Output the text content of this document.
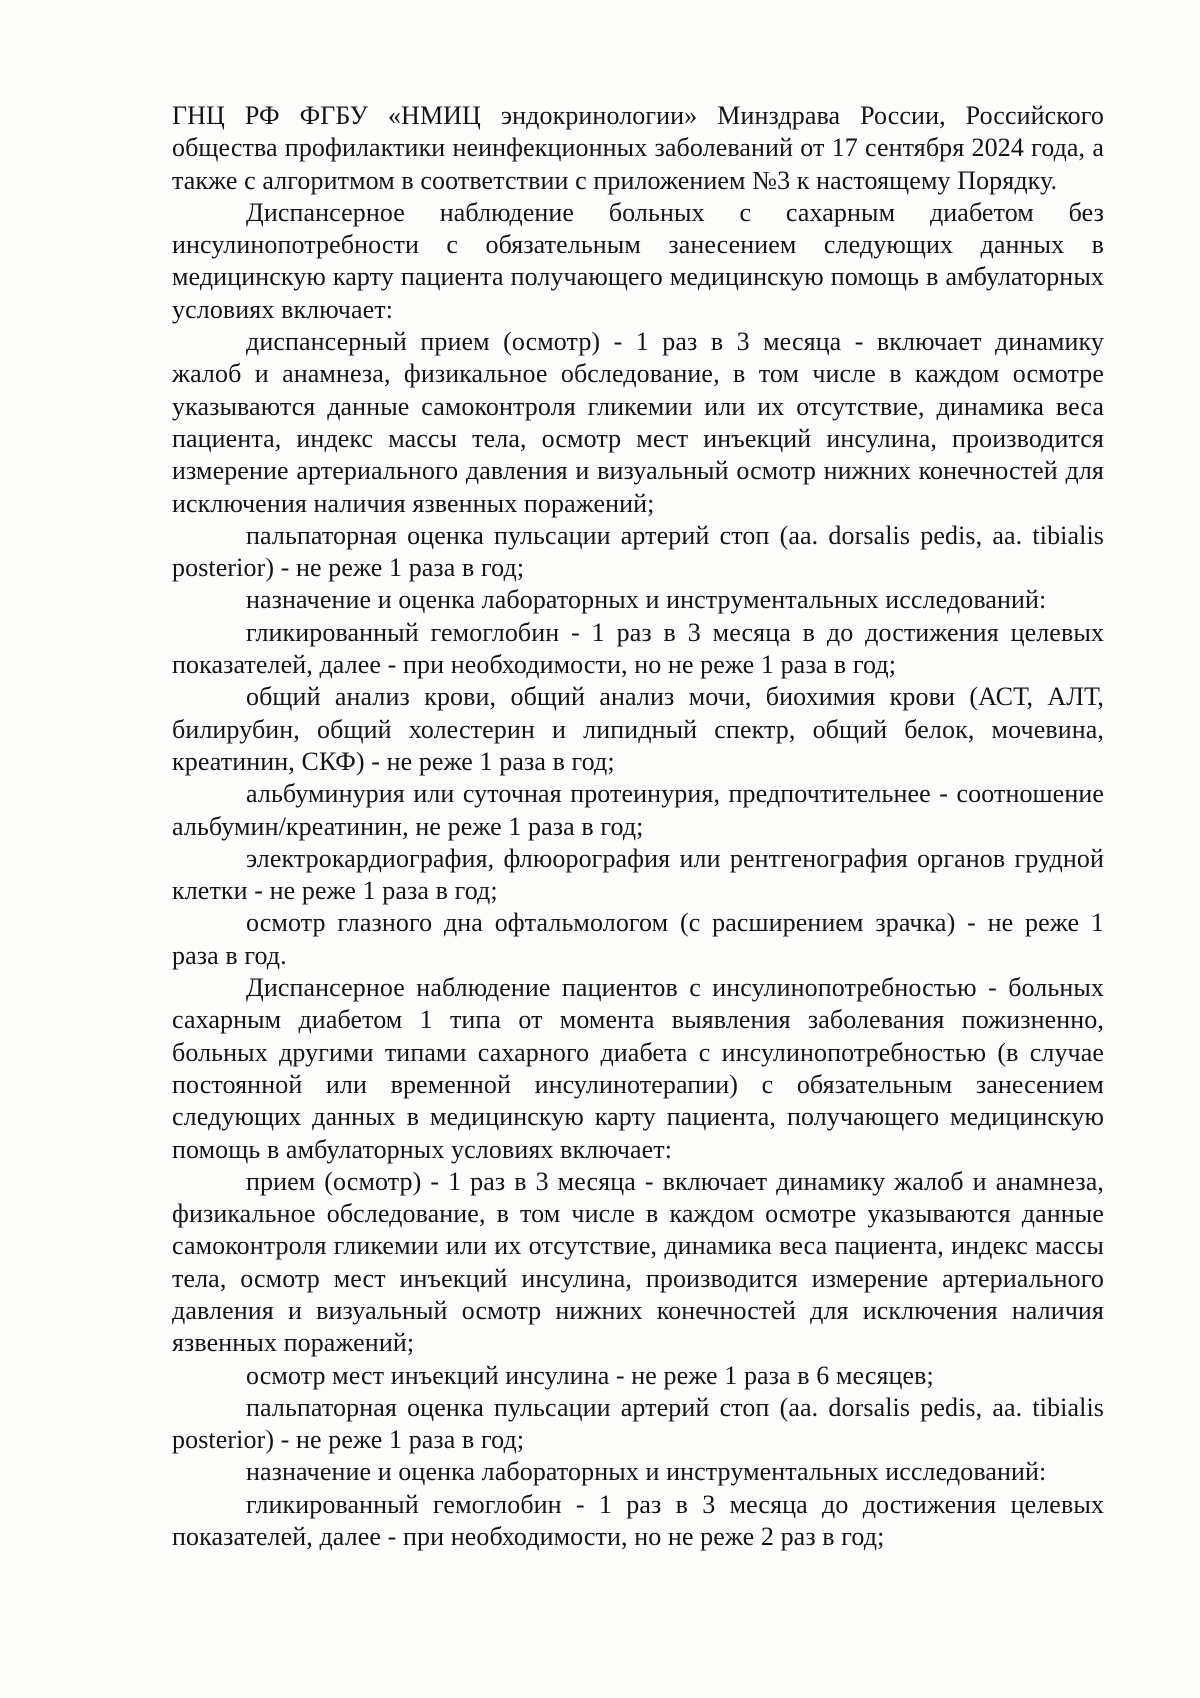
ГНЦ РФ ФГБУ «НМИЦ эндокринологии» Минздрава России, Российского общества профилактики неинфекционных заболеваний от 17 сентября 2024 года, а также с алгоритмом в соответствии с приложением №3 к настоящему Порядку.

Диспансерное наблюдение больных с сахарным диабетом без инсулинопотребности с обязательным занесением следующих данных в медицинскую карту пациента получающего медицинскую помощь в амбулаторных условиях включает:

диспансерный прием (осмотр) - 1 раз в 3 месяца - включает динамику жалоб и анамнеза, физикальное обследование, в том числе в каждом осмотре указываются данные самоконтроля гликемии или их отсутствие, динамика веса пациента, индекс массы тела, осмотр мест инъекций инсулина, производится измерение артериального давления и визуальный осмотр нижних конечностей для исключения наличия язвенных поражений;

пальпаторная оценка пульсации артерий стоп (аа. dorsalis pedis, аа. tibialis posterior) - не реже 1 раза в год;

назначение и оценка лабораторных и инструментальных исследований:

гликированный гемоглобин - 1 раз в 3 месяца в до достижения целевых показателей, далее - при необходимости, но не реже 1 раза в год;

общий анализ крови, общий анализ мочи, биохимия крови (АСТ, АЛТ, билирубин, общий холестерин и липидный спектр, общий белок, мочевина, креатинин, СКФ) - не реже 1 раза в год;

альбуминурия или суточная протеинурия, предпочтительнее - соотношение альбумин/креатинин, не реже 1 раза в год;

электрокардиография, флюорография или рентгенография органов грудной клетки - не реже 1 раза в год;

осмотр глазного дна офтальмологом (с расширением зрачка) - не реже 1 раза в год.

Диспансерное наблюдение пациентов с инсулинопотребностью - больных сахарным диабетом 1 типа от момента выявления заболевания пожизненно, больных другими типами сахарного диабета с инсулинопотребностью (в случае постоянной или временной инсулинотерапии) с обязательным занесением следующих данных в медицинскую карту пациента, получающего медицинскую помощь в амбулаторных условиях включает:

прием (осмотр) - 1 раз в 3 месяца - включает динамику жалоб и анамнеза, физикальное обследование, в том числе в каждом осмотре указываются данные самоконтроля гликемии или их отсутствие, динамика веса пациента, индекс массы тела, осмотр мест инъекций инсулина, производится измерение артериального давления и визуальный осмотр нижних конечностей для исключения наличия язвенных поражений;

осмотр мест инъекций инсулина - не реже 1 раза в 6 месяцев;

пальпаторная оценка пульсации артерий стоп (аа. dorsalis pedis, аа. tibialis posterior) - не реже 1 раза в год;

назначение и оценка лабораторных и инструментальных исследований:

гликированный гемоглобин - 1 раз в 3 месяца до достижения целевых показателей, далее - при необходимости, но не реже 2 раз в год;
